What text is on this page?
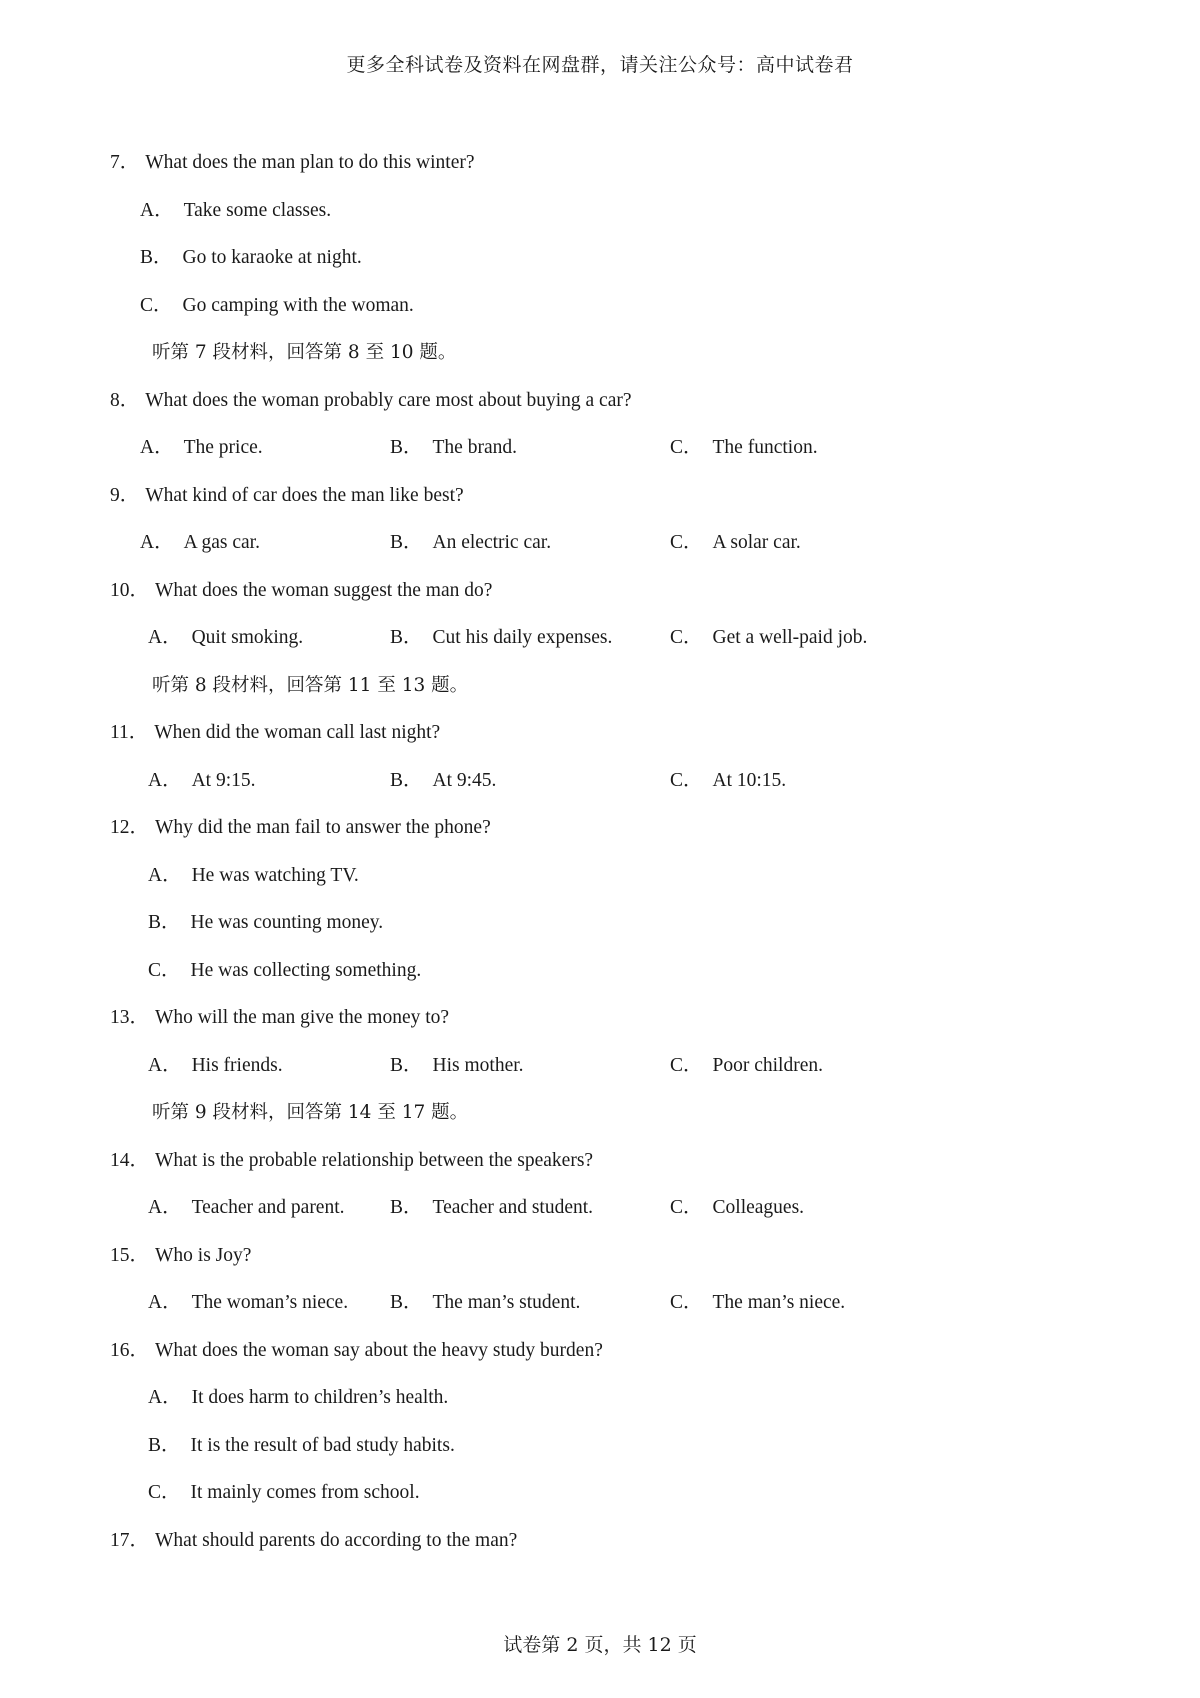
更多全科试卷及资料在网盘群，请关注公众号：高中试卷君
7． What does the man plan to do this winter?
A． Take some classes.
B． Go to karaoke at night.
C． Go camping with the woman.
听第 7 段材料，回答第 8 至 10 题。
8． What does the woman probably care most about buying a car?
A． The price.	B． The brand.	C． The function.
9． What kind of car does the man like best?
A． A gas car.	B． An electric car.	C． A solar car.
10． What does the woman suggest the man do?
A． Quit smoking.	B． Cut his daily expenses.	C． Get a well-paid job.
听第 8 段材料，回答第 11 至 13 题。
11． When did the woman call last night?
A． At 9:15.	B． At 9:45.	C． At 10:15.
12． Why did the man fail to answer the phone?
A． He was watching TV.
B． He was counting money.
C． He was collecting something.
13． Who will the man give the money to?
A． His friends.	B． His mother.	C． Poor children.
听第 9 段材料，回答第 14 至 17 题。
14． What is the probable relationship between the speakers?
A． Teacher and parent. B． Teacher and student.	C． Colleagues.
15． Who is Joy?
A． The woman’s niece. B． The man’s student.	C． The man’s niece.
16． What does the woman say about the heavy study burden?
A． It does harm to children’s health.
B． It is the result of bad study habits.
C． It mainly comes from school.
17． What should parents do according to the man?
试卷第 2 页，共 12 页
